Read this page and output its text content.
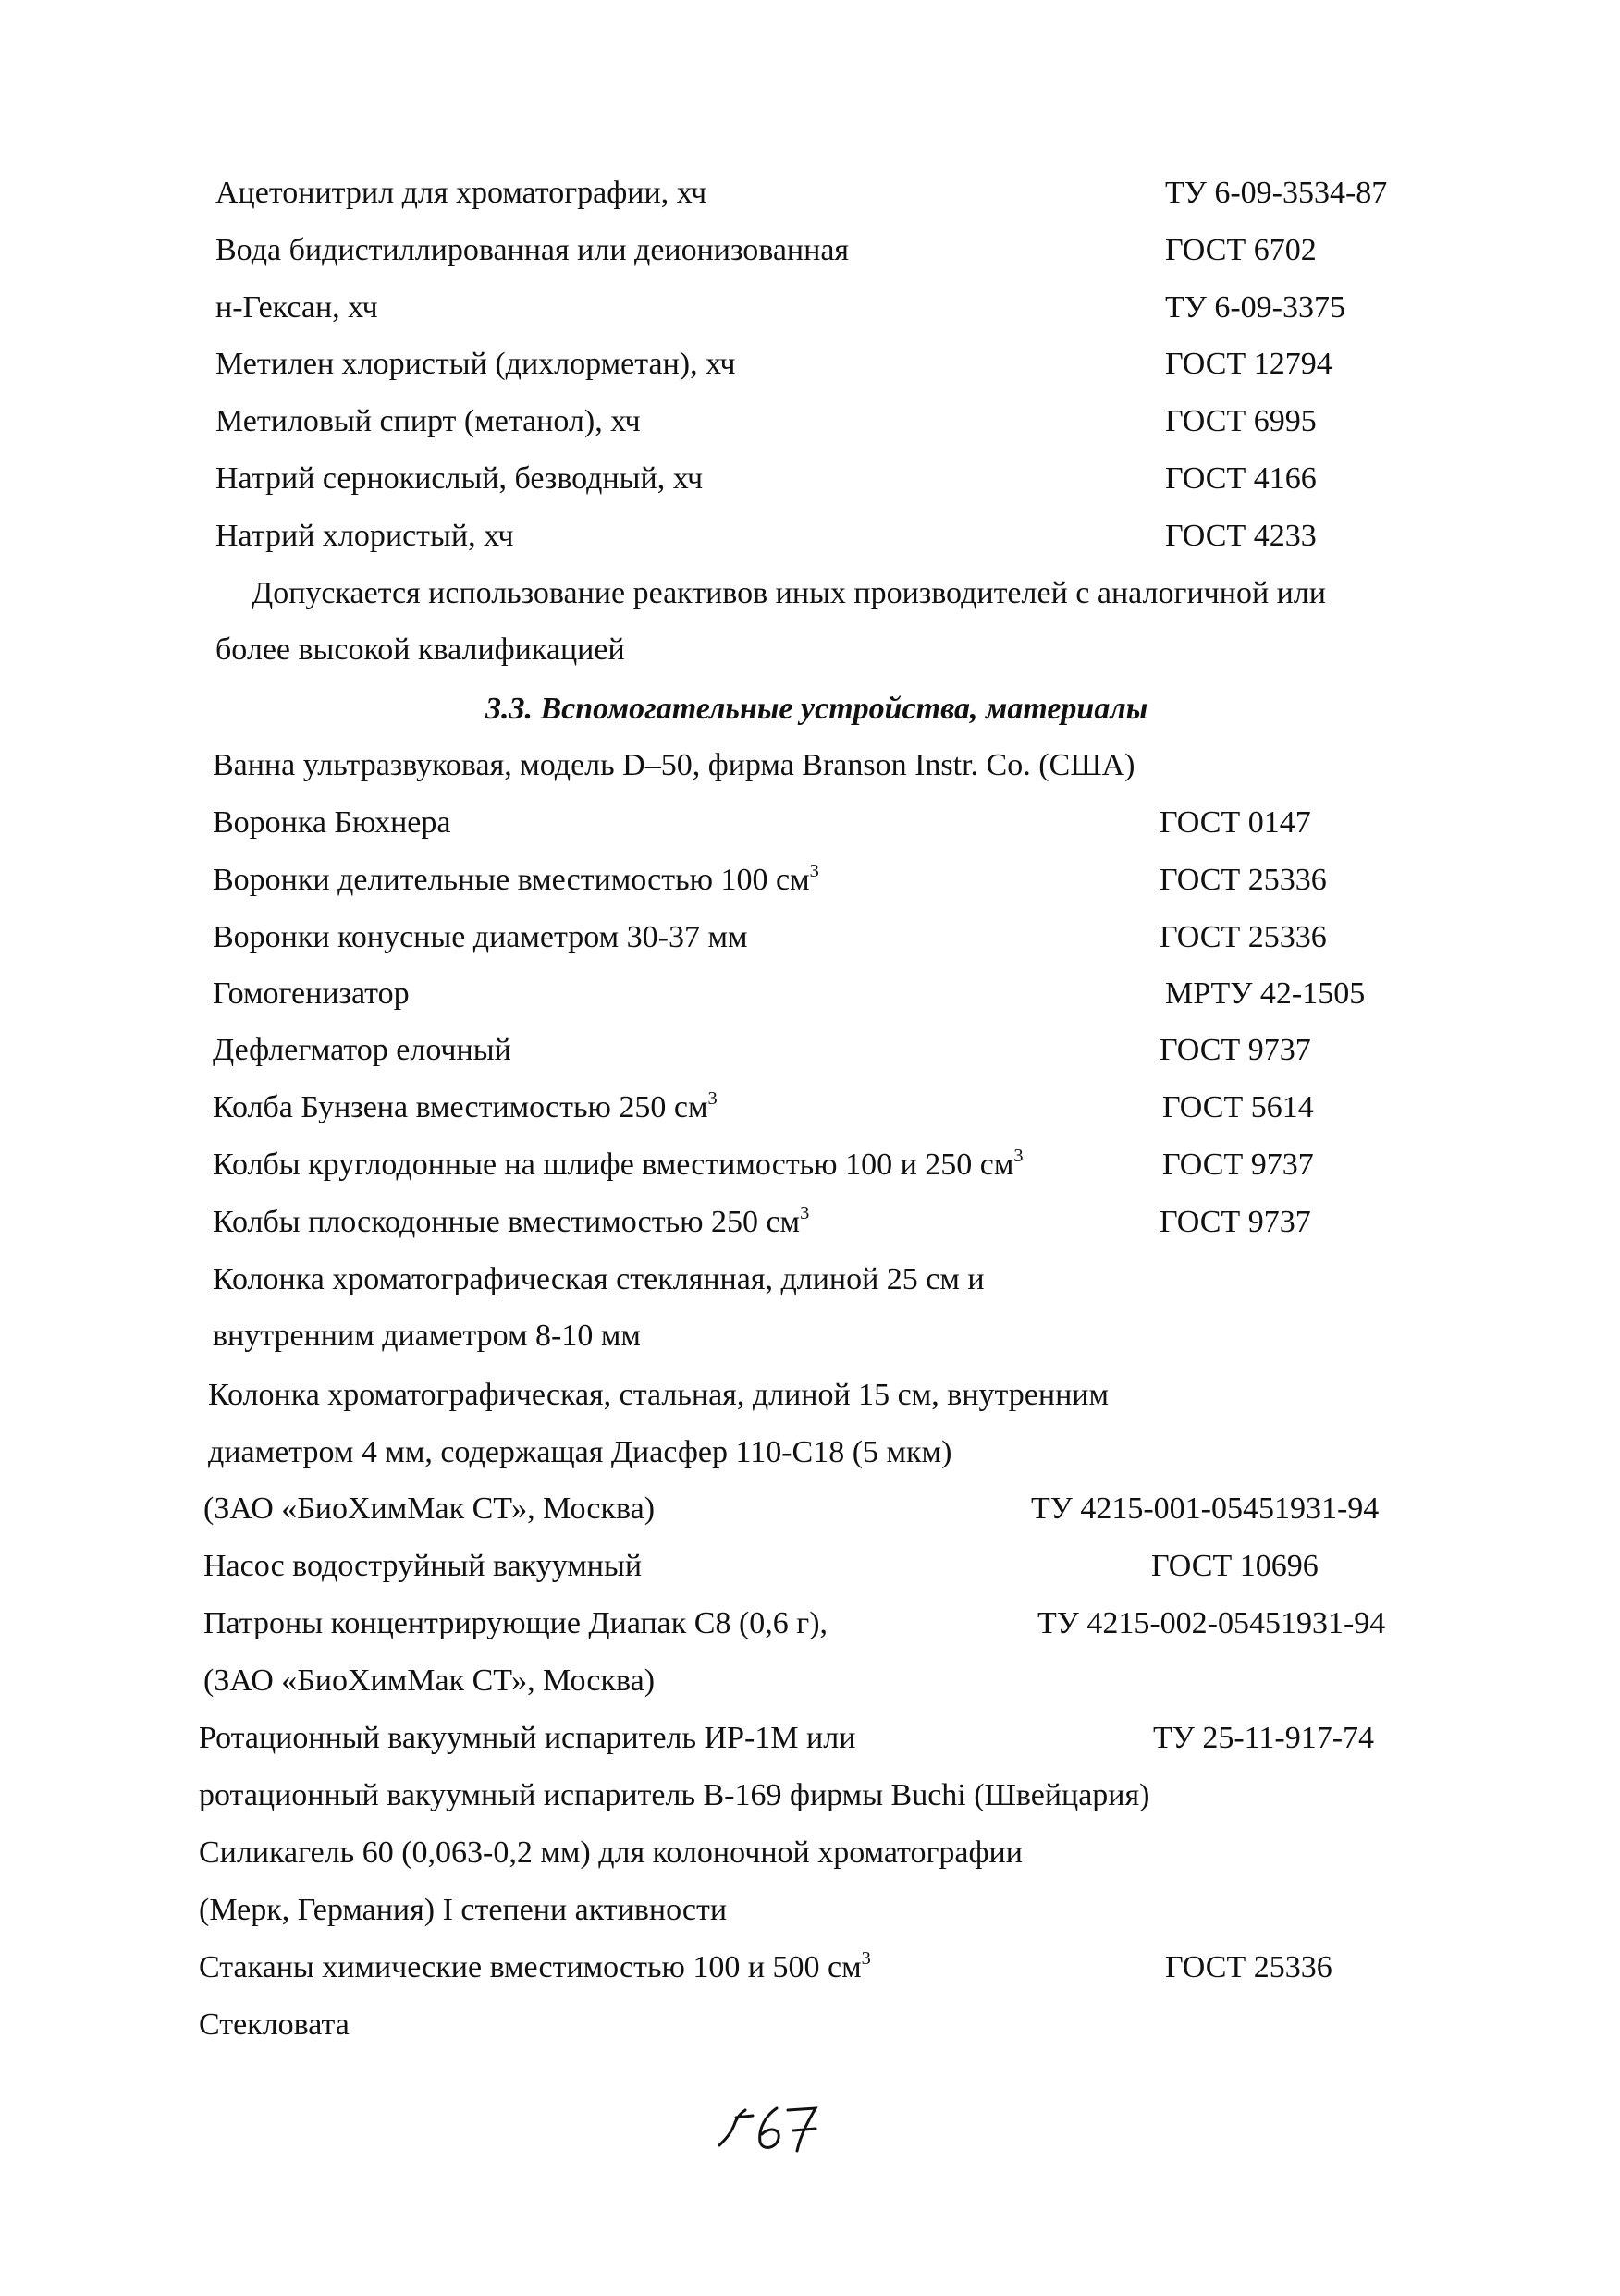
Ацетонитрил для хроматографии, хч	ТУ 6-09-3534-87
Вода бидистиллированная или деионизованная	ГОСТ 6702
н-Гексан, хч	ТУ 6-09-3375
Метилен хлористый (дихлорметан), хч	ГОСТ 12794
Метиловый спирт (метанол), хч	ГОСТ 6995
Натрий сернокислый, безводный, хч	ГОСТ 4166
Натрий хлористый, хч	ГОСТ 4233
Допускается использование реактивов иных производителей с аналогичной или
более высокой квалификацией
3.3. Вспомогательные устройства, материалы
Ванна ультразвуковая, модель D–50, фирма Branson Instr. Co. (США)
Воронка Бюхнера	ГОСТ 0147
Воронки делительные вместимостью 100 $см^3$	ГОСТ 25336
Воронки конусные диаметром 30-37 мм	ГОСТ 25336
Гомогенизатор	МРТУ 42-1505
Дефлегматор елочный	ГОСТ 9737
Колба Бунзена вместимостью 250 $см^3$	ГОСТ 5614
Колбы круглодонные на шлифе вместимостью 100 и 250 $см^3$	ГОСТ 9737
Колбы плоскодонные вместимостью 250 $см^3$	ГОСТ 9737
Колонка хроматографическая стеклянная, длиной 25 см и
внутренним диаметром 8-10 мм
Колонка хроматографическая, стальная, длиной 15 см, внутренним
диаметром 4 мм, содержащая Диасфер 110-С18 (5 мкм)
(ЗАО «БиоХимМак СТ», Москва)	ТУ 4215-001-05451931-94
Насос водоструйный вакуумный	ГОСТ 10696
Патроны концентрирующие Диапак С8 (0,6 г),	ТУ 4215-002-05451931-94
(ЗАО «БиоХимМак СТ», Москва)
Ротационный вакуумный испаритель ИР-1М или	ТУ 25-11-917-74
ротационный вакуумный испаритель В-169 фирмы Buchi (Швейцария)
Силикагель 60 (0,063-0,2 мм) для колоночной хроматографии
(Мерк, Германия) I степени активности
Стаканы химические вместимостью 100 и 500 $см^3$	ГОСТ 25336
Стекловата
